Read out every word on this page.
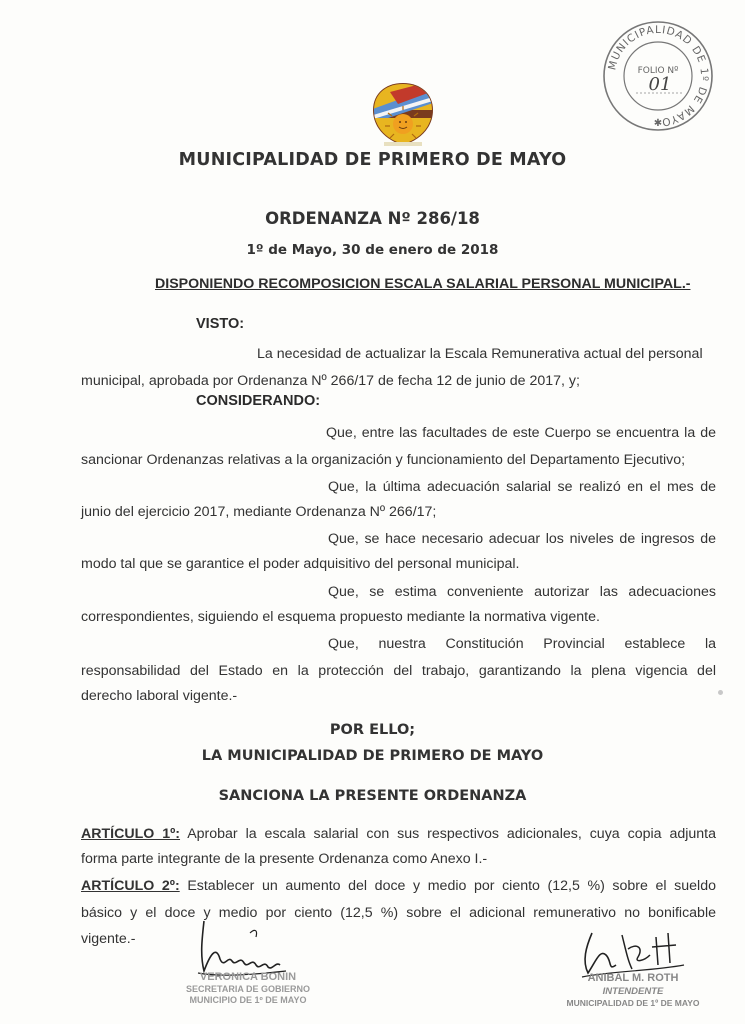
MUNICIPALIDAD DE 1º DE MAYO
✱
FOLIO Nº
01
MUNICIPALIDAD DE PRIMERO DE MAYO
ORDENANZA Nº 286/18
1º de Mayo, 30 de enero de 2018
DISPONIENDO RECOMPOSICION ESCALA SALARIAL PERSONAL MUNICIPAL.-
VISTO:
La necesidad de actualizar la Escala Remunerativa actual del personal
municipal, aprobada por Ordenanza Nº 266/17 de fecha 12 de junio de 2017, y;
CONSIDERANDO:
Que, entre las facultades de este Cuerpo se encuentra la de
sancionar Ordenanzas relativas a la organización y funcionamiento del Departamento Ejecutivo;
Que, la última adecuación salarial se realizó en el mes de
junio del ejercicio 2017, mediante Ordenanza Nº 266/17;
Que, se hace necesario adecuar los niveles de ingresos de
modo tal que se garantice el poder adquisitivo del personal municipal.
Que, se estima conveniente autorizar las adecuaciones
correspondientes, siguiendo el esquema propuesto mediante la normativa vigente.
Que, nuestra Constitución Provincial establece la
responsabilidad del Estado en la protección del trabajo, garantizando la plena vigencia del
derecho laboral vigente.-
POR ELLO;
LA MUNICIPALIDAD DE PRIMERO DE MAYO
SANCIONA LA PRESENTE ORDENANZA
ARTÍCULO 1º: Aprobar la escala salarial con sus respectivos adicionales, cuya copia adjunta
forma parte integrante de la presente Ordenanza como Anexo I.-
ARTÍCULO 2º: Establecer un aumento del doce y medio por ciento (12,5 %) sobre el sueldo
básico y el doce y medio por ciento (12,5 %) sobre el adicional remunerativo no bonificable
vigente.-
VERONICA BONIN
SECRETARIA DE GOBIERNO
MUNICIPIO DE 1º DE MAYO
ANIBAL M. ROTH
INTENDENTE
MUNICIPALIDAD DE 1º DE MAYO
